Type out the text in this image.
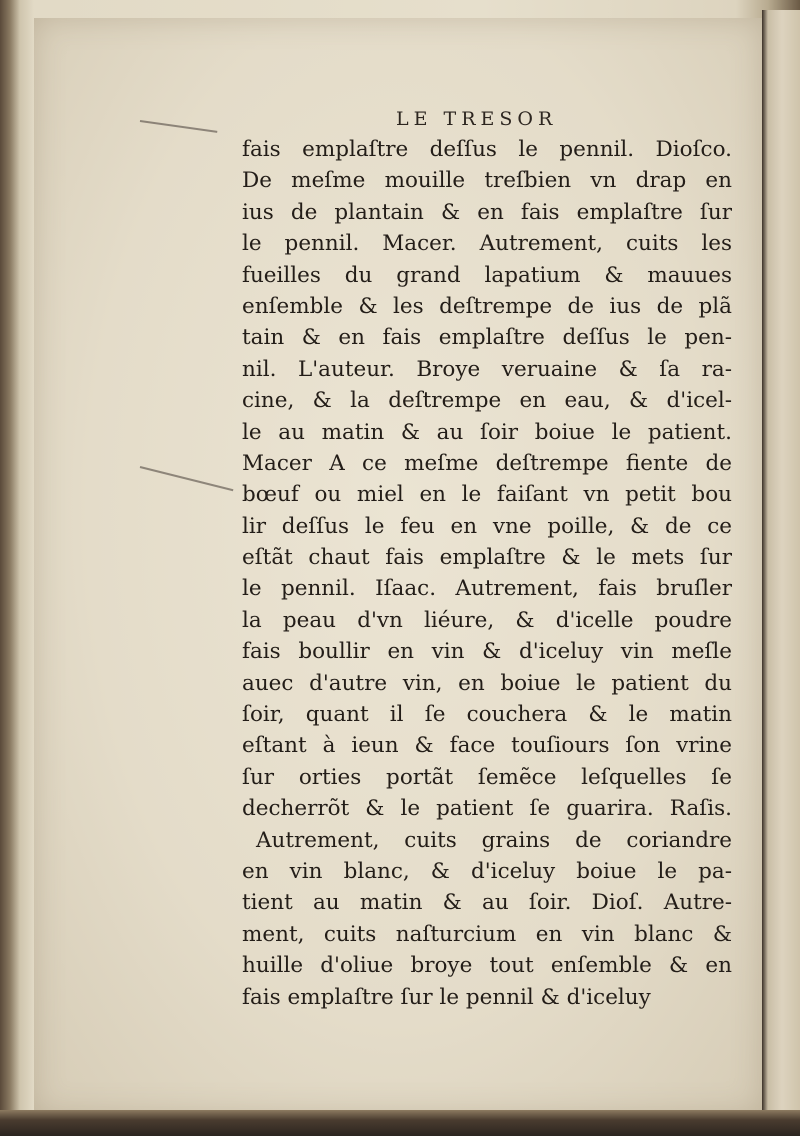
LE TRESOR
fais emplaſtre deſſus le pennil. Dioſco.
De meſme mouille treſbien vn drap en
ius de plantain & en fais emplaſtre ſur
le pennil. Macer. Autrement, cuits les
fueilles du grand lapatium & mauues
enſemble & les deſtrempe de ius de plã
tain & en fais emplaſtre deſſus le pen-
nil. L'auteur. Broye veruaine & ſa ra-
cine, & la deſtrempe en eau, & d'icel-
le au matin & au ſoir boiue le patient.
Macer A ce meſme deſtrempe fiente de
bœuf ou miel en le faiſant vn petit bou
lir deſſus le feu en vne poille, & de ce
eſtãt chaut fais emplaſtre & le mets ſur
le pennil. Iſaac. Autrement, fais bruſler
la peau d'vn liéure, & d'icelle poudre
fais boullir en vin & d'iceluy vin meſle
auec d'autre vin, en boiue le patient du
ſoir, quant il ſe couchera & le matin
eſtant à ieun & face touſiours ſon vrine
ſur orties portãt ſemẽce leſquelles ſe
decherrõt & le patient ſe guarira. Raſis.
Autrement, cuits grains de coriandre
en vin blanc, & d'iceluy boiue le pa-
tient au matin & au ſoir. Dioſ. Autre-
ment, cuits naſturcium en vin blanc &
huille d'oliue broye tout enſemble & en
fais emplaſtre ſur le pennil & d'iceluy
